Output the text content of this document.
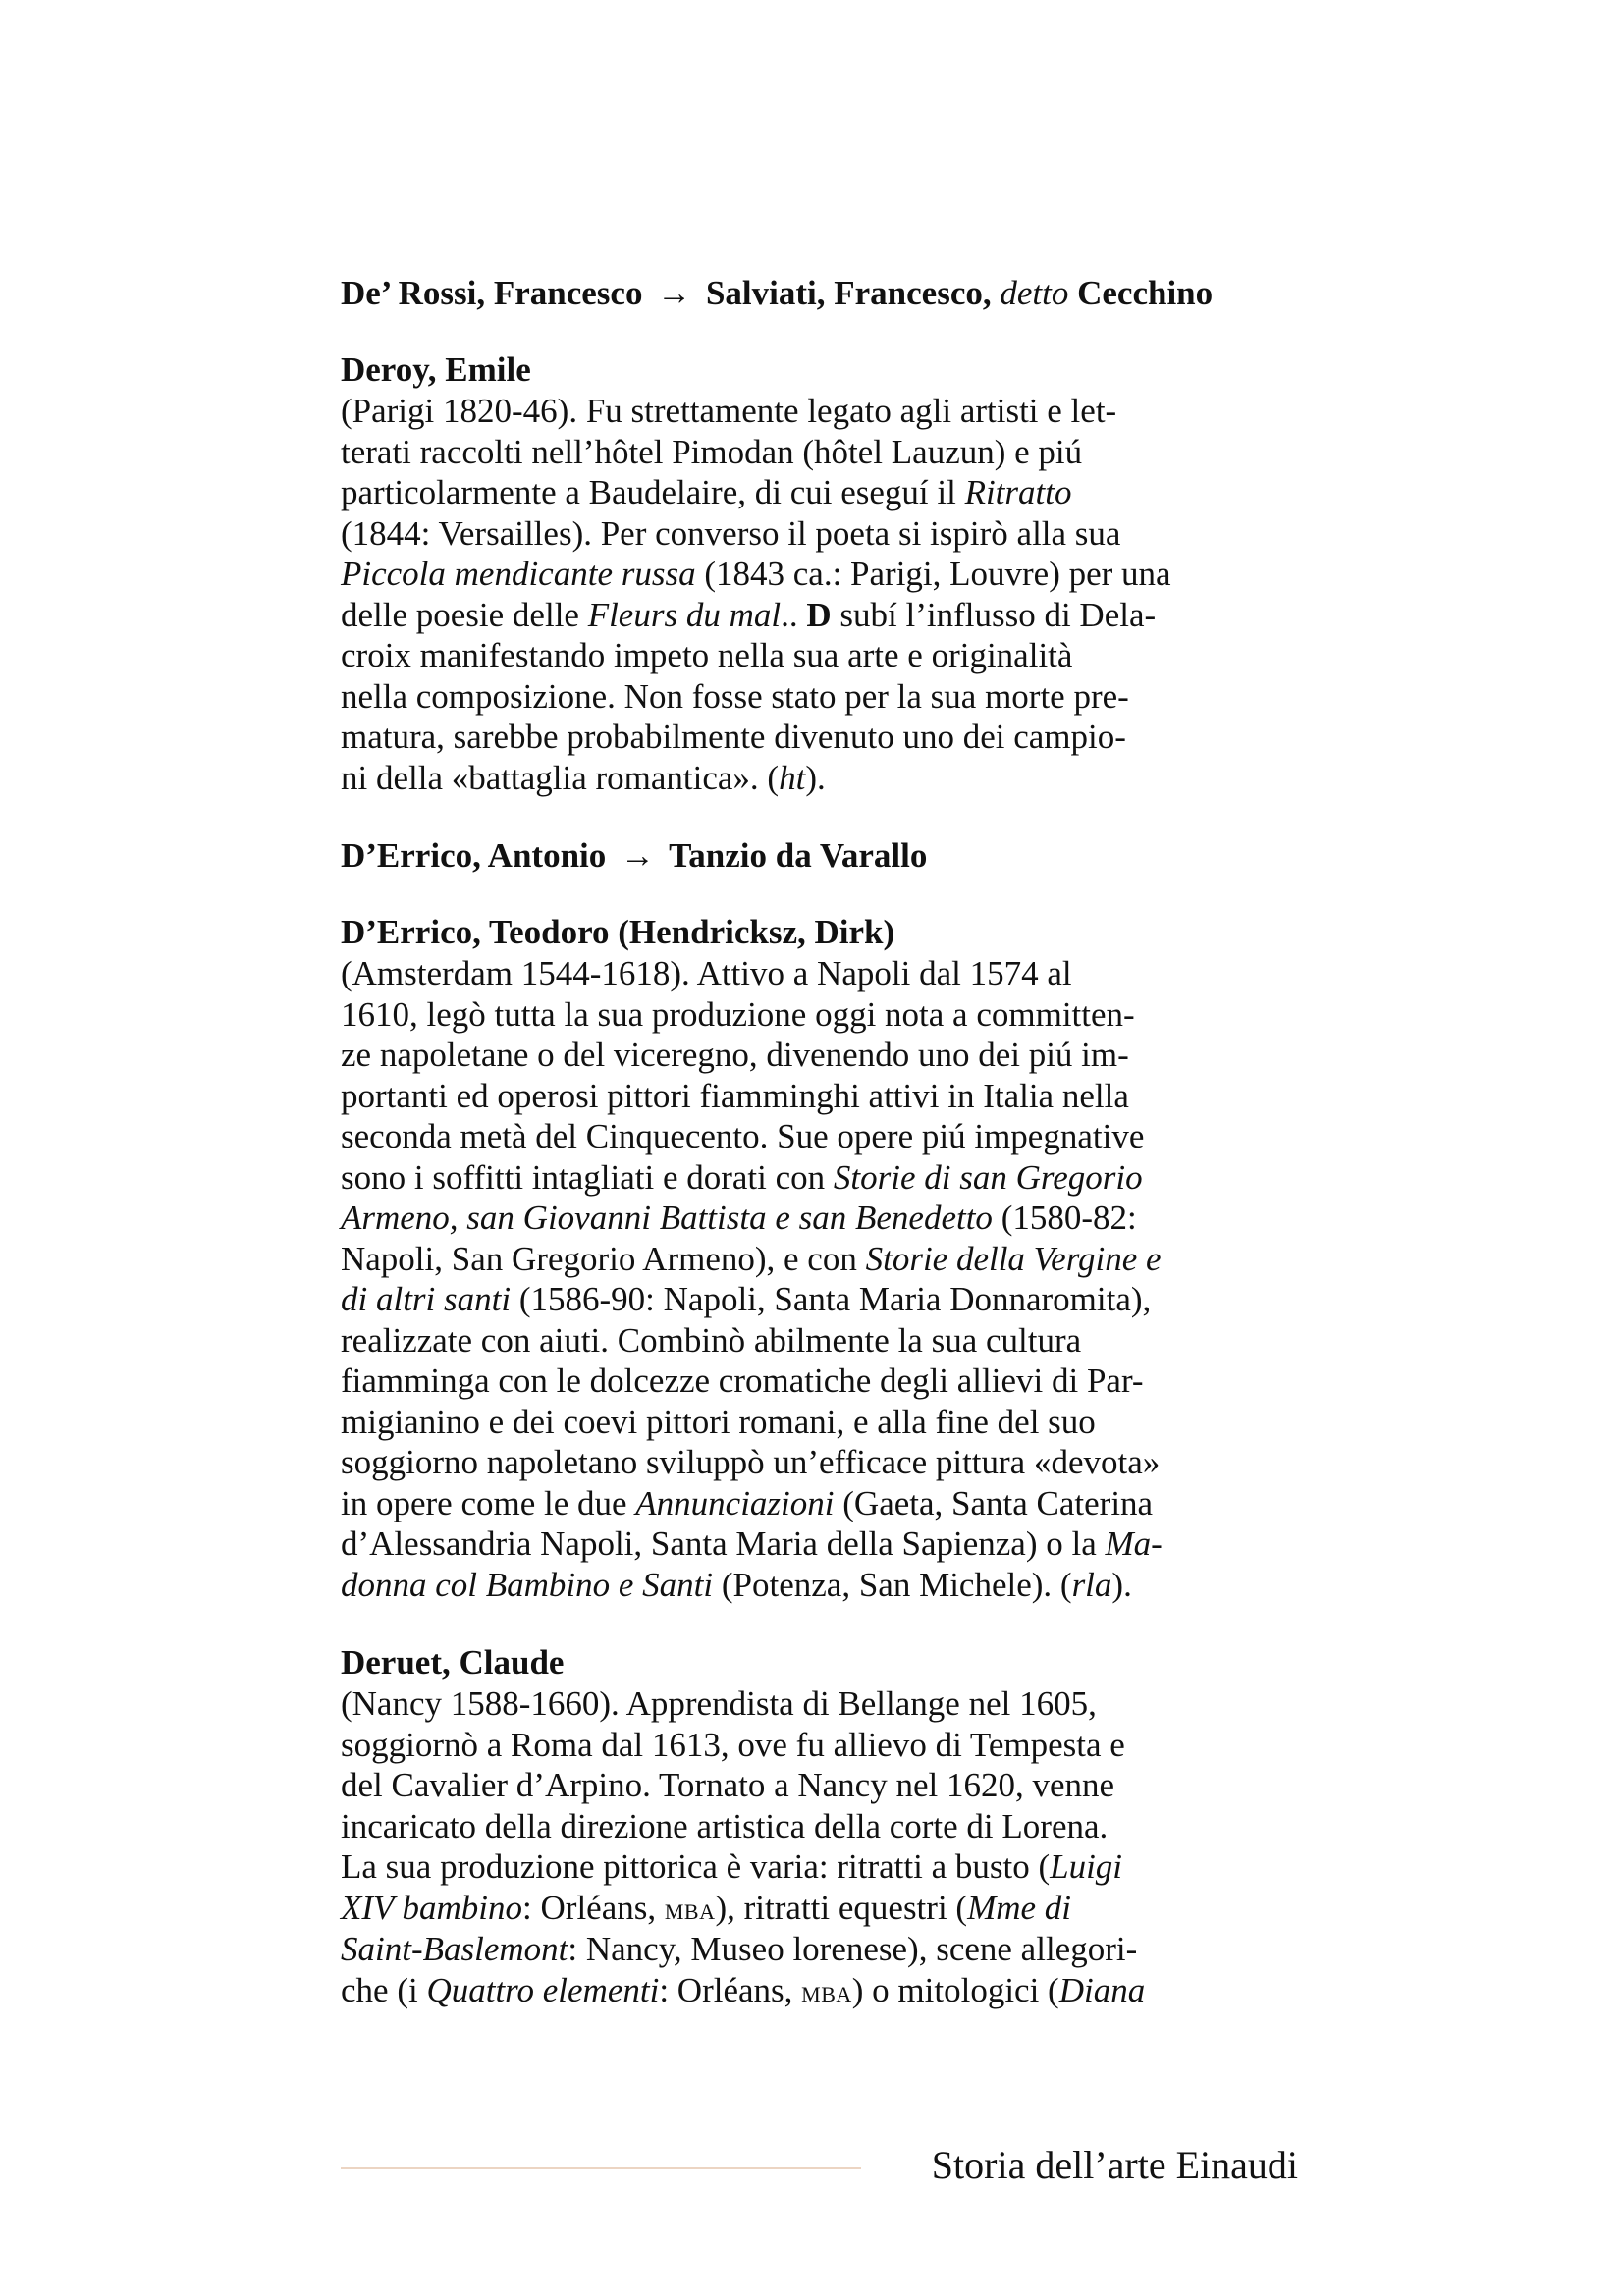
De’ Rossi, Francesco → Salviati, Francesco, detto Cecchino

Deroy, Emile

(Parigi 1820-46). Fu strettamente legato agli artisti e let-
terati raccolti nell’hôtel Pimodan (hôtel Lauzun) e piú
particolarmente a Baudelaire, di cui eseguí il Ritratto
(1844: Versailles). Per converso il poeta si ispirò alla sua
Piccola mendicante russa (1843 ca.: Parigi, Louvre) per una
delle poesie delle Fleurs du mal.. D subí l’influsso di Dela-
croix manifestando impeto nella sua arte e originalità
nella composizione. Non fosse stato per la sua morte pre-
matura, sarebbe probabilmente divenuto uno dei campio-
ni della «battaglia romantica». (ht).

D’Errico, Antonio → Tanzio da Varallo

D’Errico, Teodoro (Hendricksz, Dirk)

(Amsterdam 1544-1618). Attivo a Napoli dal 1574 al
1610, legò tutta la sua produzione oggi nota a committen-
ze napoletane o del viceregno, divenendo uno dei piú im-
portanti ed operosi pittori fiamminghi attivi in Italia nella
seconda metà del Cinquecento. Sue opere piú impegnative
sono i soffitti intagliati e dorati con Storie di san Gregorio
Armeno, san Giovanni Battista e san Benedetto (1580-82:
Napoli, San Gregorio Armeno), e con Storie della Vergine e
di altri santi (1586-90: Napoli, Santa Maria Donnaromita),
realizzate con aiuti. Combinò abilmente la sua cultura
fiamminga con le dolcezze cromatiche degli allievi di Par-
migianino e dei coevi pittori romani, e alla fine del suo
soggiorno napoletano sviluppò un’efficace pittura «devota»
in opere come le due Annunciazioni (Gaeta, Santa Caterina
d’Alessandria Napoli, Santa Maria della Sapienza) o la Ma-
donna col Bambino e Santi (Potenza, San Michele). (rla).

Deruet, Claude

(Nancy 1588-1660). Apprendista di Bellange nel 1605,
soggiornò a Roma dal 1613, ove fu allievo di Tempesta e
del Cavalier d’Arpino. Tornato a Nancy nel 1620, venne
incaricato della direzione artistica della corte di Lorena.
La sua produzione pittorica è varia: ritratti a busto (Luigi
XIV bambino: Orléans, mba), ritratti equestri (Mme di
Saint-Baslemont: Nancy, Museo lorenese), scene allegori-
che (i Quattro elementi: Orléans, mba) o mitologici (Diana
Storia dell’arte Einaudi
